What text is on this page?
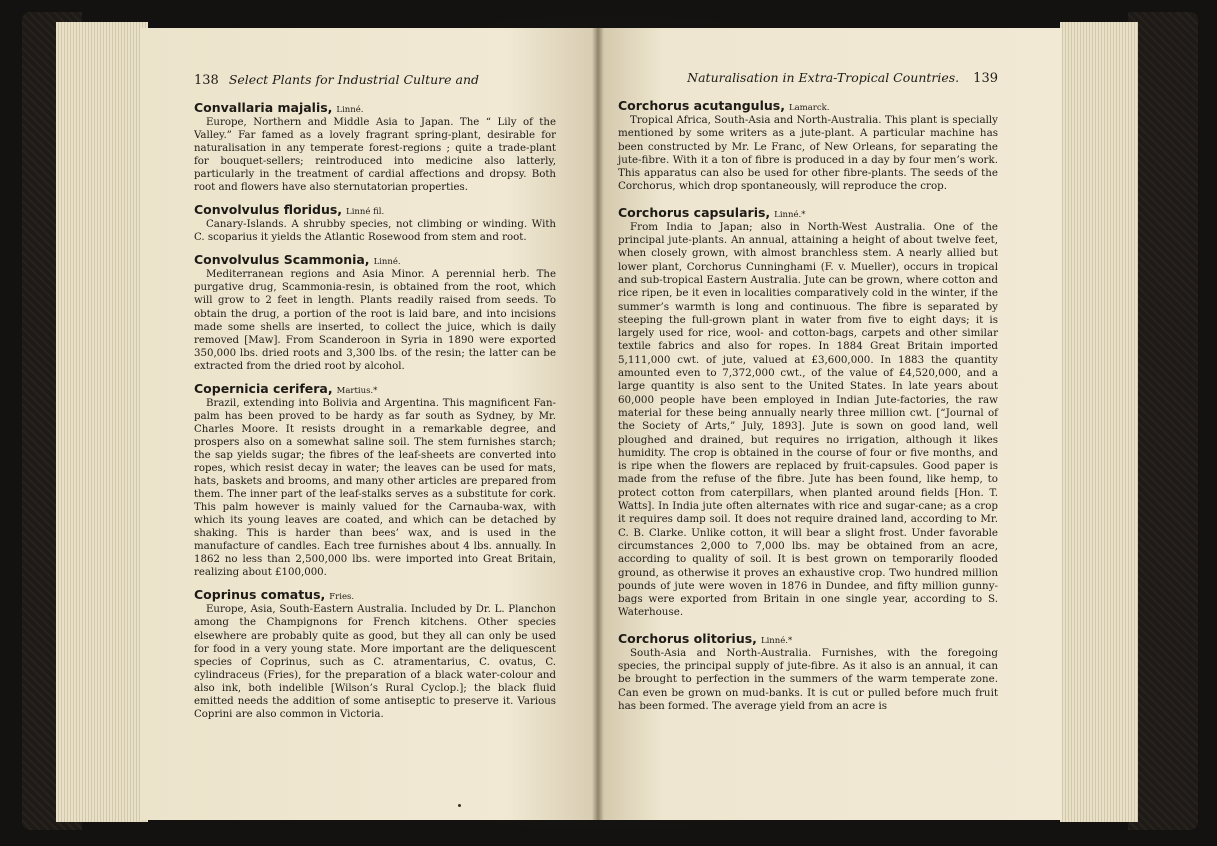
138 Select Plants for Industrial Culture and
Convallaria majalis, Linné.

Europe, Northern and Middle Asia to Japan. The “ Lily of the Valley.” Far famed as a lovely fragrant spring-plant, desirable for naturalisation in any temperate forest-regions ; quite a trade-plant for bouquet-sellers; reintroduced into medicine also latterly, particularly in the treatment of cardial affections and dropsy. Both root and flowers have also sternutatorian properties.

Convolvulus floridus, Linné fil.

Canary-Islands. A shrubby species, not climbing or winding. With C. scoparius it yields the Atlantic Rosewood from stem and root.

Convolvulus Scammonia, Linné.

Mediterranean regions and Asia Minor. A perennial herb. The purgative drug, Scammonia-resin, is obtained from the root, which will grow to 2 feet in length. Plants readily raised from seeds. To obtain the drug, a portion of the root is laid bare, and into incisions made some shells are inserted, to collect the juice, which is daily removed [Maw]. From Scanderoon in Syria in 1890 were exported 350,000 lbs. dried roots and 3,300 lbs. of the resin; the latter can be extracted from the dried root by alcohol.

Copernicia cerifera, Martius.*

Brazil, extending into Bolivia and Argentina. This magnificent Fan-palm has been proved to be hardy as far south as Sydney, by Mr. Charles Moore. It resists drought in a remarkable degree, and prospers also on a somewhat saline soil. The stem furnishes starch; the sap yields sugar; the fibres of the leaf-sheets are converted into ropes, which resist decay in water; the leaves can be used for mats, hats, baskets and brooms, and many other articles are prepared from them. The inner part of the leaf-stalks serves as a substitute for cork. This palm however is mainly valued for the Carnauba-wax, with which its young leaves are coated, and which can be detached by shaking. This is harder than bees’ wax, and is used in the manufacture of candles. Each tree furnishes about 4 lbs. annually. In 1862 no less than 2,500,000 lbs. were imported into Great Britain, realizing about £100,000.

Coprinus comatus, Fries.

Europe, Asia, South-Eastern Australia. Included by Dr. L. Planchon among the Champignons for French kitchens. Other species elsewhere are probably quite as good, but they all can only be used for food in a very young state. More important are the deliquescent species of Coprinus, such as C. atramentarius, C. ovatus, C. cylindraceus (Fries), for the preparation of a black water-colour and also ink, both indelible [Wilson’s Rural Cyclop.]; the black fluid emitted needs the addition of some antiseptic to preserve it. Various Coprini are also common in Victoria.

Naturalisation in Extra-Tropical Countries. 139
Corchorus acutangulus, Lamarck.

Tropical Africa, South-Asia and North-Australia. This plant is specially mentioned by some writers as a jute-plant. A particular machine has been constructed by Mr. Le Franc, of New Orleans, for separating the jute-fibre. With it a ton of fibre is produced in a day by four men’s work. This apparatus can also be used for other fibre-plants. The seeds of the Corchorus, which drop spontaneously, will reproduce the crop.

Corchorus capsularis, Linné.*

From India to Japan; also in North-West Australia. One of the principal jute-plants. An annual, attaining a height of about twelve feet, when closely grown, with almost branchless stem. A nearly allied but lower plant, Corchorus Cunninghami (F. v. Mueller), occurs in tropical and sub-tropical Eastern Australia. Jute can be grown, where cotton and rice ripen, be it even in localities comparatively cold in the winter, if the summer’s warmth is long and continuous. The fibre is separated by steeping the full-grown plant in water from five to eight days; it is largely used for rice, wool- and cotton-bags, carpets and other similar textile fabrics and also for ropes. In 1884 Great Britain imported 5,111,000 cwt. of jute, valued at £3,600,000. In 1883 the quantity amounted even to 7,372,000 cwt., of the value of £4,520,000, and a large quantity is also sent to the United States. In late years about 60,000 people have been employed in Indian Jute-factories, the raw material for these being annually nearly three million cwt. [“Journal of the Society of Arts,” July, 1893]. Jute is sown on good land, well ploughed and drained, but requires no irrigation, although it likes humidity. The crop is obtained in the course of four or five months, and is ripe when the flowers are replaced by fruit-capsules. Good paper is made from the refuse of the fibre. Jute has been found, like hemp, to protect cotton from caterpillars, when planted around fields [Hon. T. Watts]. In India jute often alternates with rice and sugar-cane; as a crop it requires damp soil. It does not require drained land, according to Mr. C. B. Clarke. Unlike cotton, it will bear a slight frost. Under favorable circumstances 2,000 to 7,000 lbs. may be obtained from an acre, according to quality of soil. It is best grown on temporarily flooded ground, as otherwise it proves an exhaustive crop. Two hundred million pounds of jute were woven in 1876 in Dundee, and fifty million gunny-bags were exported from Britain in one single year, according to S. Waterhouse.

Corchorus olitorius, Linné.*

South-Asia and North-Australia. Furnishes, with the foregoing species, the principal supply of jute-fibre. As it also is an annual, it can be brought to perfection in the summers of the warm temperate zone. Can even be grown on mud-banks. It is cut or pulled before much fruit has been formed. The average yield from an acre is
